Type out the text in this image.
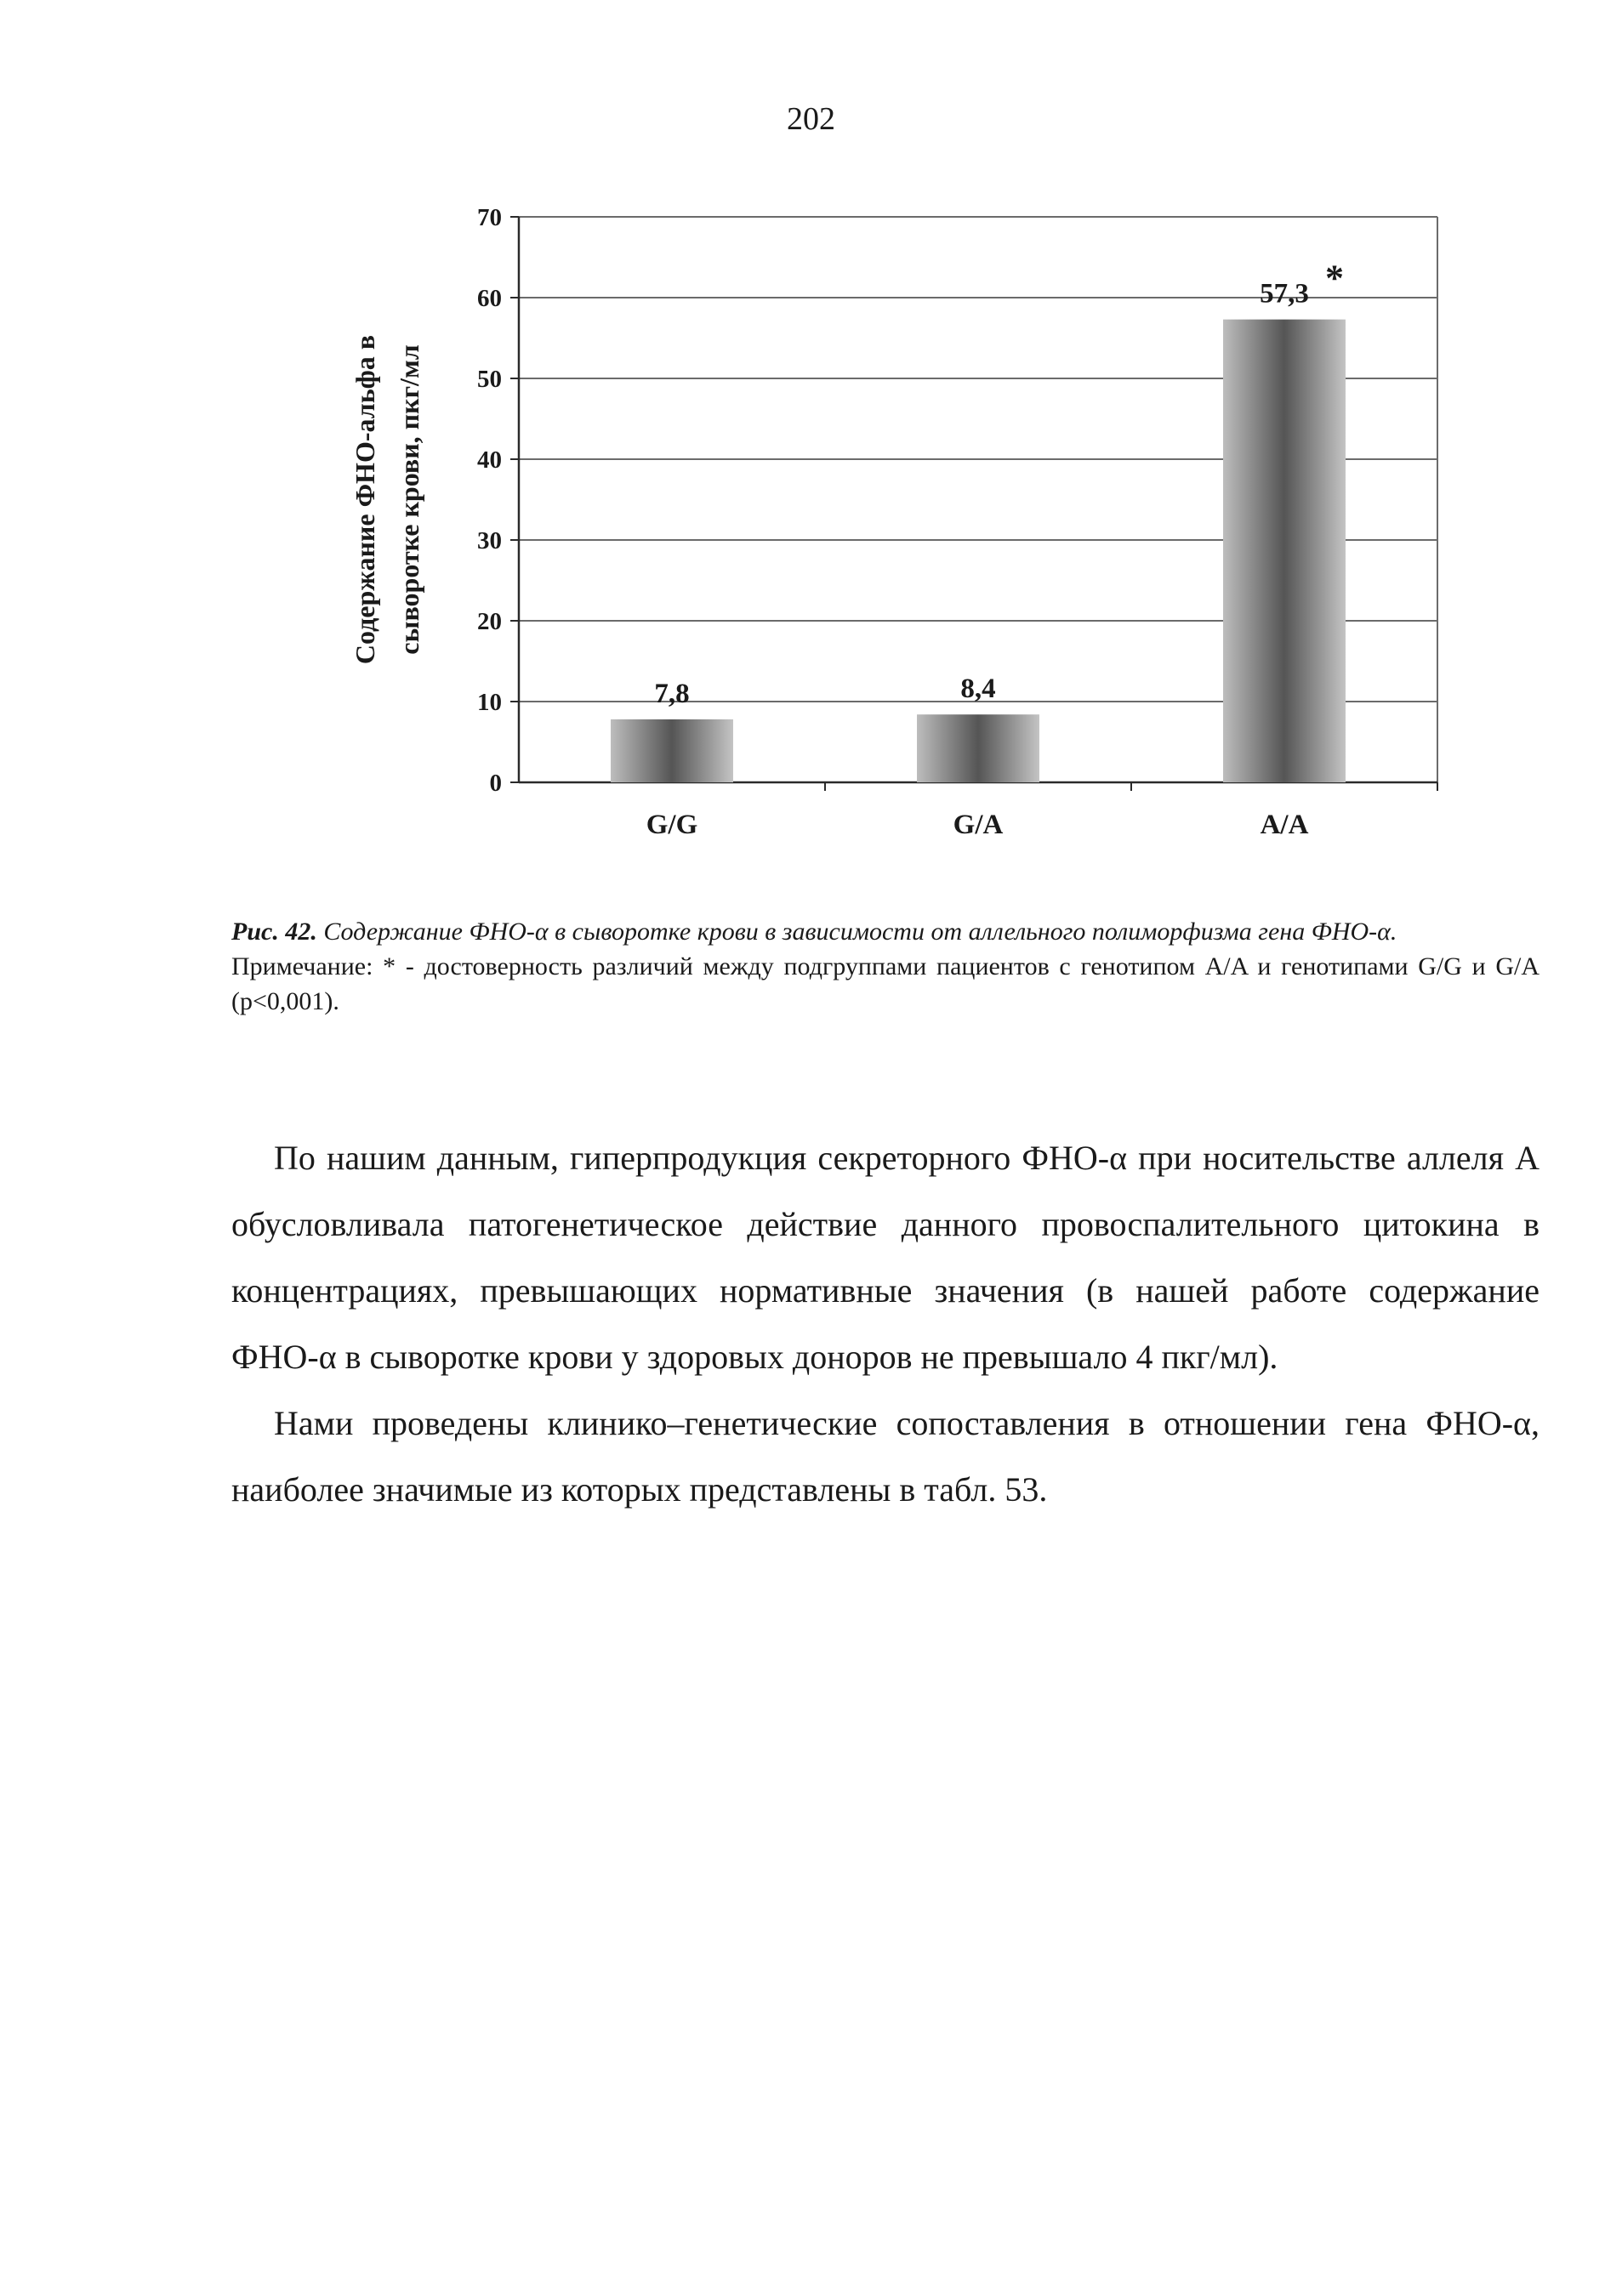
202
Содержание ФНО-альфа в сыворотке крови, пкг/мл
0
10
20
30
40
50
60
70
7,8	8,4
57,3 *
G/G	G/A	A/A
Рис. 42. Содержание ФНО-α в сыворотке крови в зависимости от аллельного полиморфизма гена ФНО-α.
Примечание: * - достоверность различий между подгруппами пациентов с генотипом A/A и генотипами G/G и G/A (p<0,001).

По нашим данным, гиперпродукция секреторного ФНО-α при носительстве аллеля A обусловливала патогенетическое действие данного провоспалительного цитокина в концентрациях, превышающих нормативные значения (в нашей работе содержание ФНО-α в сыворотке крови у здоровых доноров не превышало 4 пкг/мл).

Нами проведены клинико–генетические сопоставления в отношении гена ФНО-α, наиболее значимые из которых представлены в табл. 53.
